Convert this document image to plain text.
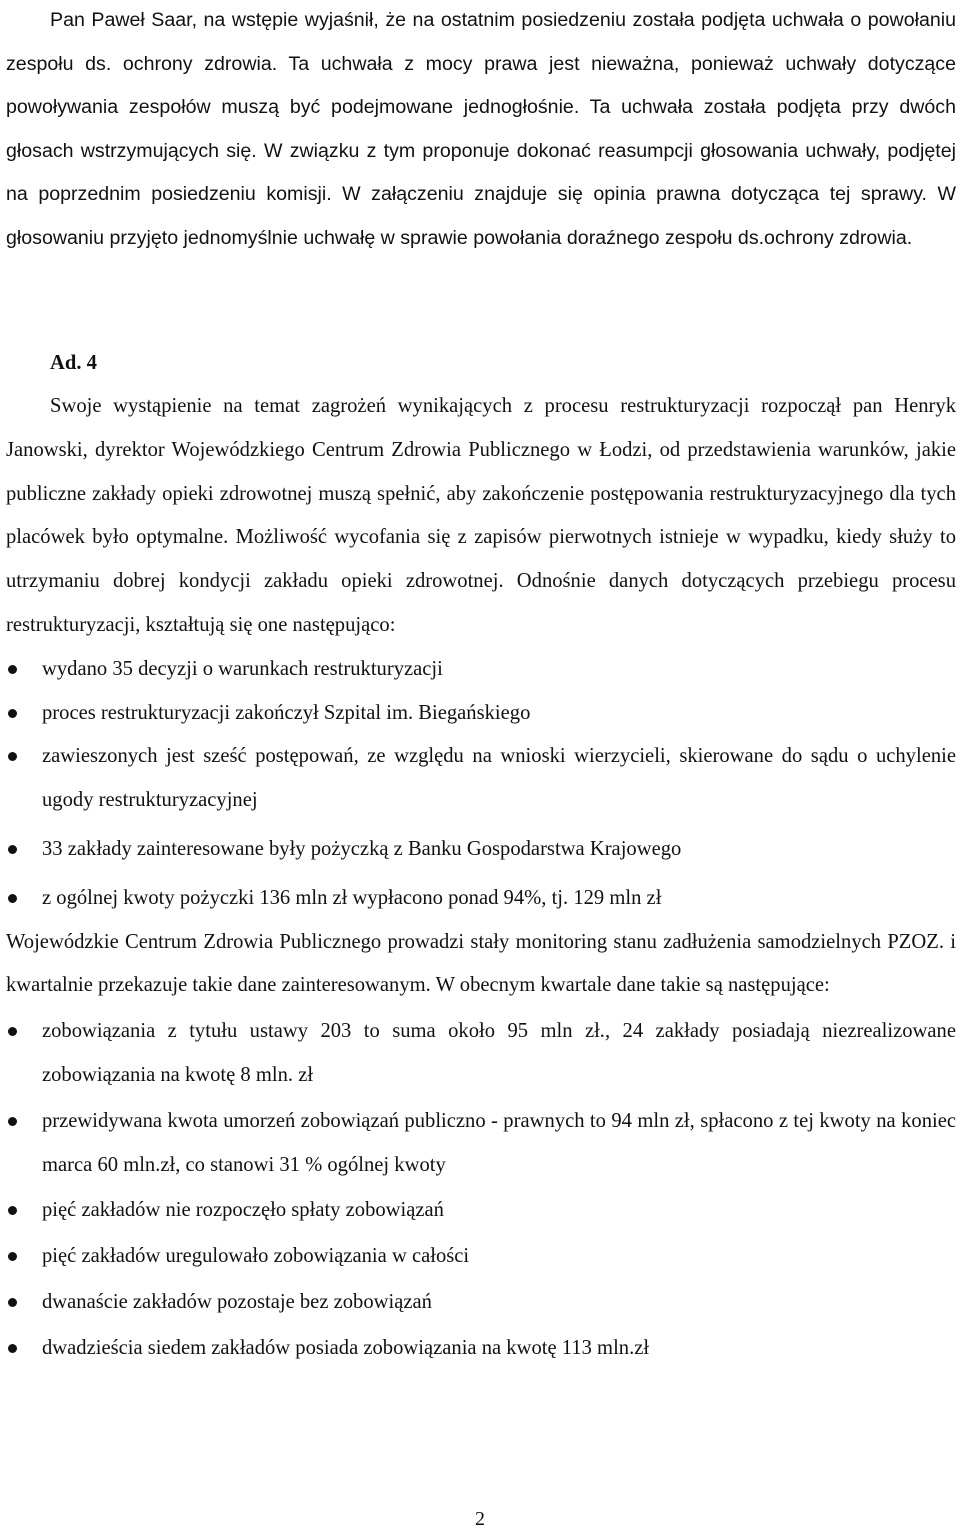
Pan Paweł Saar, na wstępie wyjaśnił, że na ostatnim posiedzeniu została podjęta uchwała o powołaniu zespołu ds. ochrony zdrowia. Ta uchwała z mocy prawa jest nieważna, ponieważ uchwały dotyczące powoływania zespołów muszą być podejmowane jednogłośnie. Ta uchwała została podjęta przy dwóch głosach wstrzymujących się. W związku z tym proponuje dokonać reasumpcji głosowania uchwały, podjętej na poprzednim posiedzeniu komisji. W załączeniu znajduje się opinia prawna dotycząca tej sprawy. W głosowaniu przyjęto jednomyślnie uchwałę w sprawie powołania doraźnego zespołu ds.ochrony zdrowia.

Ad. 4

Swoje wystąpienie na temat zagrożeń wynikających z procesu restrukturyzacji rozpoczął pan Henryk Janowski, dyrektor Wojewódzkiego Centrum Zdrowia Publicznego w Łodzi, od przedstawienia warunków, jakie publiczne zakłady opieki zdrowotnej muszą spełnić, aby zakończenie postępowania restrukturyzacyjnego dla tych placówek było optymalne. Możliwość wycofania się z zapisów pierwotnych istnieje w wypadku, kiedy służy to utrzymaniu dobrej kondycji zakładu opieki zdrowotnej. Odnośnie danych dotyczących przebiegu procesu restrukturyzacji, kształtują się one następująco:

wydano 35 decyzji o warunkach restrukturyzacji
proces restrukturyzacji zakończył Szpital im. Biegańskiego
zawieszonych jest sześć postępowań, ze względu na wnioski wierzycieli, skierowane do sądu o uchylenie ugody restrukturyzacyjnej
33 zakłady zainteresowane były pożyczką z Banku Gospodarstwa Krajowego
z ogólnej kwoty pożyczki 136 mln zł wypłacono ponad 94%, tj. 129 mln zł

Wojewódzkie Centrum Zdrowia Publicznego prowadzi stały monitoring stanu zadłużenia samodzielnych PZOZ. i kwartalnie przekazuje takie dane zainteresowanym. W obecnym kwartale dane takie są następujące:

zobowiązania z tytułu ustawy 203 to suma około 95 mln zł., 24 zakłady posiadają niezrealizowane zobowiązania na kwotę 8 mln. zł
przewidywana kwota umorzeń zobowiązań publiczno - prawnych to 94 mln zł, spłacono z tej kwoty na koniec marca 60 mln.zł, co stanowi 31 % ogólnej kwoty
pięć zakładów nie rozpoczęło spłaty zobowiązań
pięć zakładów uregulowało zobowiązania w całości
dwanaście zakładów pozostaje bez zobowiązań
dwadzieścia siedem zakładów posiada zobowiązania na kwotę 113 mln.zł
2
